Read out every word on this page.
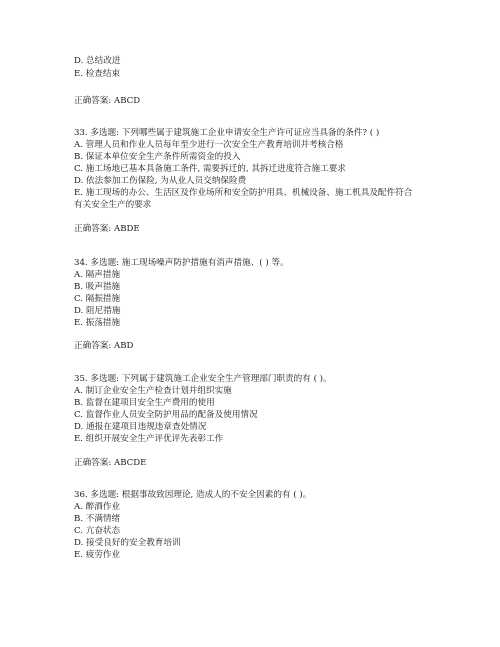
D. 总结改进
E. 检查结束
正确答案: ABCD
33. 多选题: 下列哪些属于建筑施工企业申请安全生产许可证应当具备的条件? ( )
A. 管理人员和作业人员每年至少进行一次安全生产教育培训并考核合格
B. 保证本单位安全生产条件所需资金的投入
C. 施工场地已基本具备施工条件, 需要拆迁的, 其拆迁进度符合施工要求
D. 依法参加工伤保险, 为从业人员交纳保险费
E. 施工现场的办公、生活区及作业场所和安全防护用具、机械设备、施工机具及配件符合
有关安全生产的要求
正确答案: ABDE
34. 多选题: 施工现场噪声防护措施有消声措施、( ) 等。
A. 隔声措施
B. 吸声措施
C. 隔振措施
D. 阻尼措施
E. 振荡措施
正确答案: ABD
35. 多选题: 下列属于建筑施工企业安全生产管理部门职责的有 ( )。
A. 制订企业安全生产检查计划并组织实施
B. 监督在建项目安全生产费用的使用
C. 监督作业人员安全防护用品的配备及使用情况
D. 通报在建项目违规违章查处情况
E. 组织开展安全生产评优评先表彰工作
正确答案: ABCDE
36. 多选题: 根据事故致因理论, 造成人的不安全因素的有 ( )。
A. 醉酒作业
B. 不满情绪
C. 亢奋状态
D. 接受良好的安全教育培训
E. 疲劳作业
